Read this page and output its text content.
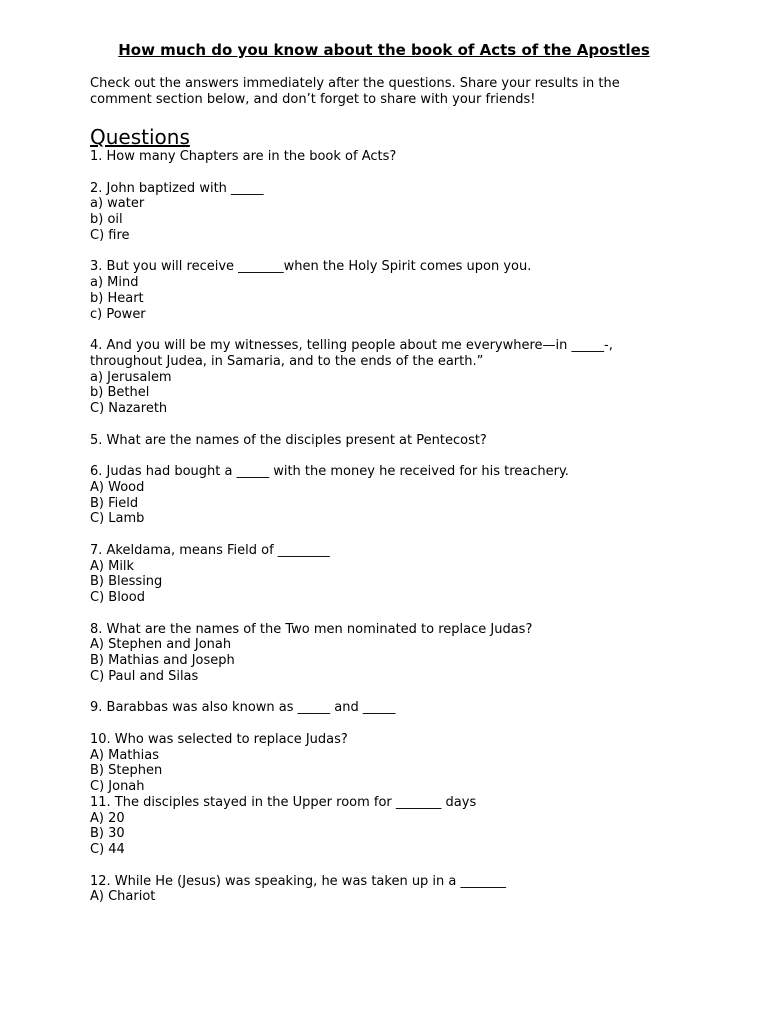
How much do you know about the book of Acts of the Apostles
Check out the answers immediately after the questions. Share your results in the comment section below, and don’t forget to share with your friends!
Questions
1. How many Chapters are in the book of Acts?
2. John baptized with _____
a) water
b) oil
C) fire
3. But you will receive _______when the Holy Spirit comes upon you.
a) Mind
b) Heart
c) Power
4. And you will be my witnesses, telling people about me everywhere—in _____-,
throughout Judea, in Samaria, and to the ends of the earth.”
a) Jerusalem
b) Bethel
C) Nazareth
5. What are the names of the disciples present at Pentecost?
6. Judas had bought a _____ with the money he received for his treachery.
A) Wood
B) Field
C) Lamb
7. Akeldama, means Field of ________
A) Milk
B) Blessing
C) Blood
8. What are the names of the Two men nominated to replace Judas?
A) Stephen and Jonah
B) Mathias and Joseph
C) Paul and Silas
9. Barabbas was also known as _____ and _____
10. Who was selected to replace Judas?
A) Mathias
B) Stephen
C) Jonah
11. The disciples stayed in the Upper room for _______ days
A) 20
B) 30
C) 44
12. While He (Jesus) was speaking, he was taken up in a _______
A) Chariot
